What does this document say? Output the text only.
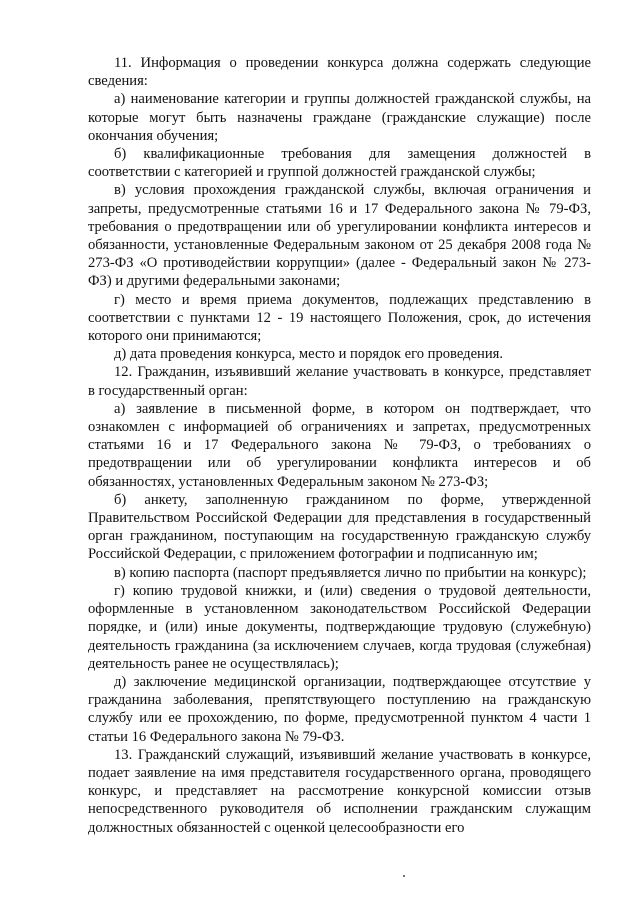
11. Информация о проведении конкурса должна содержать следующие сведения:

а) наименование категории и группы должностей гражданской службы, на которые могут быть назначены граждане (гражданские служащие) после окончания обучения;

б) квалификационные требования для замещения должностей в соответствии с категорией и группой должностей гражданской службы;

в) условия прохождения гражданской службы, включая ограничения и запреты, предусмотренные статьями 16 и 17 Федерального закона № 79-ФЗ, требования о предотвращении или об урегулировании конфликта интересов и обязанности, установленные Федеральным законом от 25 декабря 2008 года № 273-ФЗ «О противодействии коррупции» (далее - Федеральный закон № 273-ФЗ) и другими федеральными законами;

г) место и время приема документов, подлежащих представлению в соответствии с пунктами 12 - 19 настоящего Положения, срок, до истечения которого они принимаются;

д) дата проведения конкурса, место и порядок его проведения.

12. Гражданин, изъявивший желание участвовать в конкурсе, представляет в государственный орган:

а) заявление в письменной форме, в котором он подтверждает, что ознакомлен с информацией об ограничениях и запретах, предусмотренных статьями 16 и 17 Федерального закона № 79-ФЗ, о требованиях о предотвращении или об урегулировании конфликта интересов и об обязанностях, установленных Федеральным законом № 273-ФЗ;

б) анкету, заполненную гражданином по форме, утвержденной Правительством Российской Федерации для представления в государственный орган гражданином, поступающим на государственную гражданскую службу Российской Федерации, с приложением фотографии и подписанную им;

в) копию паспорта (паспорт предъявляется лично по прибытии на конкурс);

г) копию трудовой книжки, и (или) сведения о трудовой деятельности, оформленные в установленном законодательством Российской Федерации порядке, и (или) иные документы, подтверждающие трудовую (служебную) деятельность гражданина (за исключением случаев, когда трудовая (служебная) деятельность ранее не осуществлялась);

д) заключение медицинской организации, подтверждающее отсутствие у гражданина заболевания, препятствующего поступлению на гражданскую службу или ее прохождению, по форме, предусмотренной пунктом 4 части 1 статьи 16 Федерального закона № 79-ФЗ.

13. Гражданский служащий, изъявивший желание участвовать в конкурсе, подает заявление на имя представителя государственного органа, проводящего конкурс, и представляет на рассмотрение конкурсной комиссии отзыв непосредственного руководителя об исполнении гражданским служащим должностных обязанностей с оценкой целесообразности его
